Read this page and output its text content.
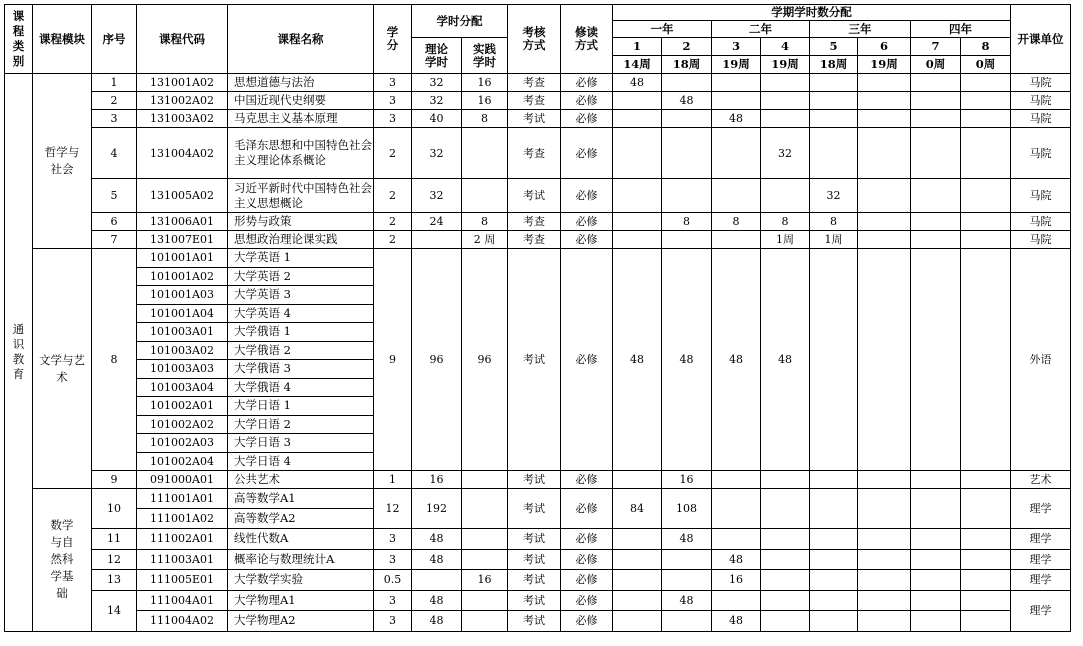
课程类别	课程模块	序号	课程代码	课程名称	学分	学时分配		考核方式	修读方式	学期学时数分配								开课单位
										一年		二年		三年		四年		
						理论学时	实践学时			1	2	3	4	5	6	7	8	
										14周	18周	19周	19周	18周	19周	0周	0周	
通识教育	哲学与社会	1	131001A02	思想道德与法治	3	32	16	考查	必修	48								马院
		2	131002A02	中国近现代史纲要	3	32	16	考查	必修		48							马院
		3	131003A02	马克思主义基本原理	3	40	8	考试	必修			48						马院
		4	131004A02	毛泽东思想和中国特色社会主义理论体系概论	2	32		考查	必修				32					马院
		5	131005A02	习近平新时代中国特色社会主义思想概论	2	32		考试	必修					32				马院
		6	131006A01	形势与政策	2	24	8	考查	必修		8	8	8	8				马院
		7	131007E01	思想政治理论课实践	2		2 周	考查	必修				1周	1周				马院
	文学与艺术	8	101001A01	大学英语 1	9	96	96	考试	必修	48	48	48	48					外语
			101001A02	大学英语 2														
			101001A03	大学英语 3														
			101001A04	大学英语 4														
			101003A01	大学俄语 1														
			101003A02	大学俄语 2														
			101003A03	大学俄语 3														
			101003A04	大学俄语 4														
			101002A01	大学日语 1														
			101002A02	大学日语 2														
			101002A03	大学日语 3														
			101002A04	大学日语 4														
		9	091000A01	公共艺术	1	16		考试	必修		16							艺术
	数学与自然科学基础	10	111001A01	高等数学A1	12	192		考试	必修	84	108							理学
			111001A02	高等数学A2														
		11	111002A01	线性代数A	3	48		考试	必修		48							理学
		12	111003A01	概率论与数理统计A	3	48		考试	必修			48						理学
		13	111005E01	大学数学实验	0.5		16	考试	必修			16						理学
		14	111004A01	大学物理A1	3	48		考试	必修		48							理学
			111004A02	大学物理A2	3	48		考试	必修			48						
